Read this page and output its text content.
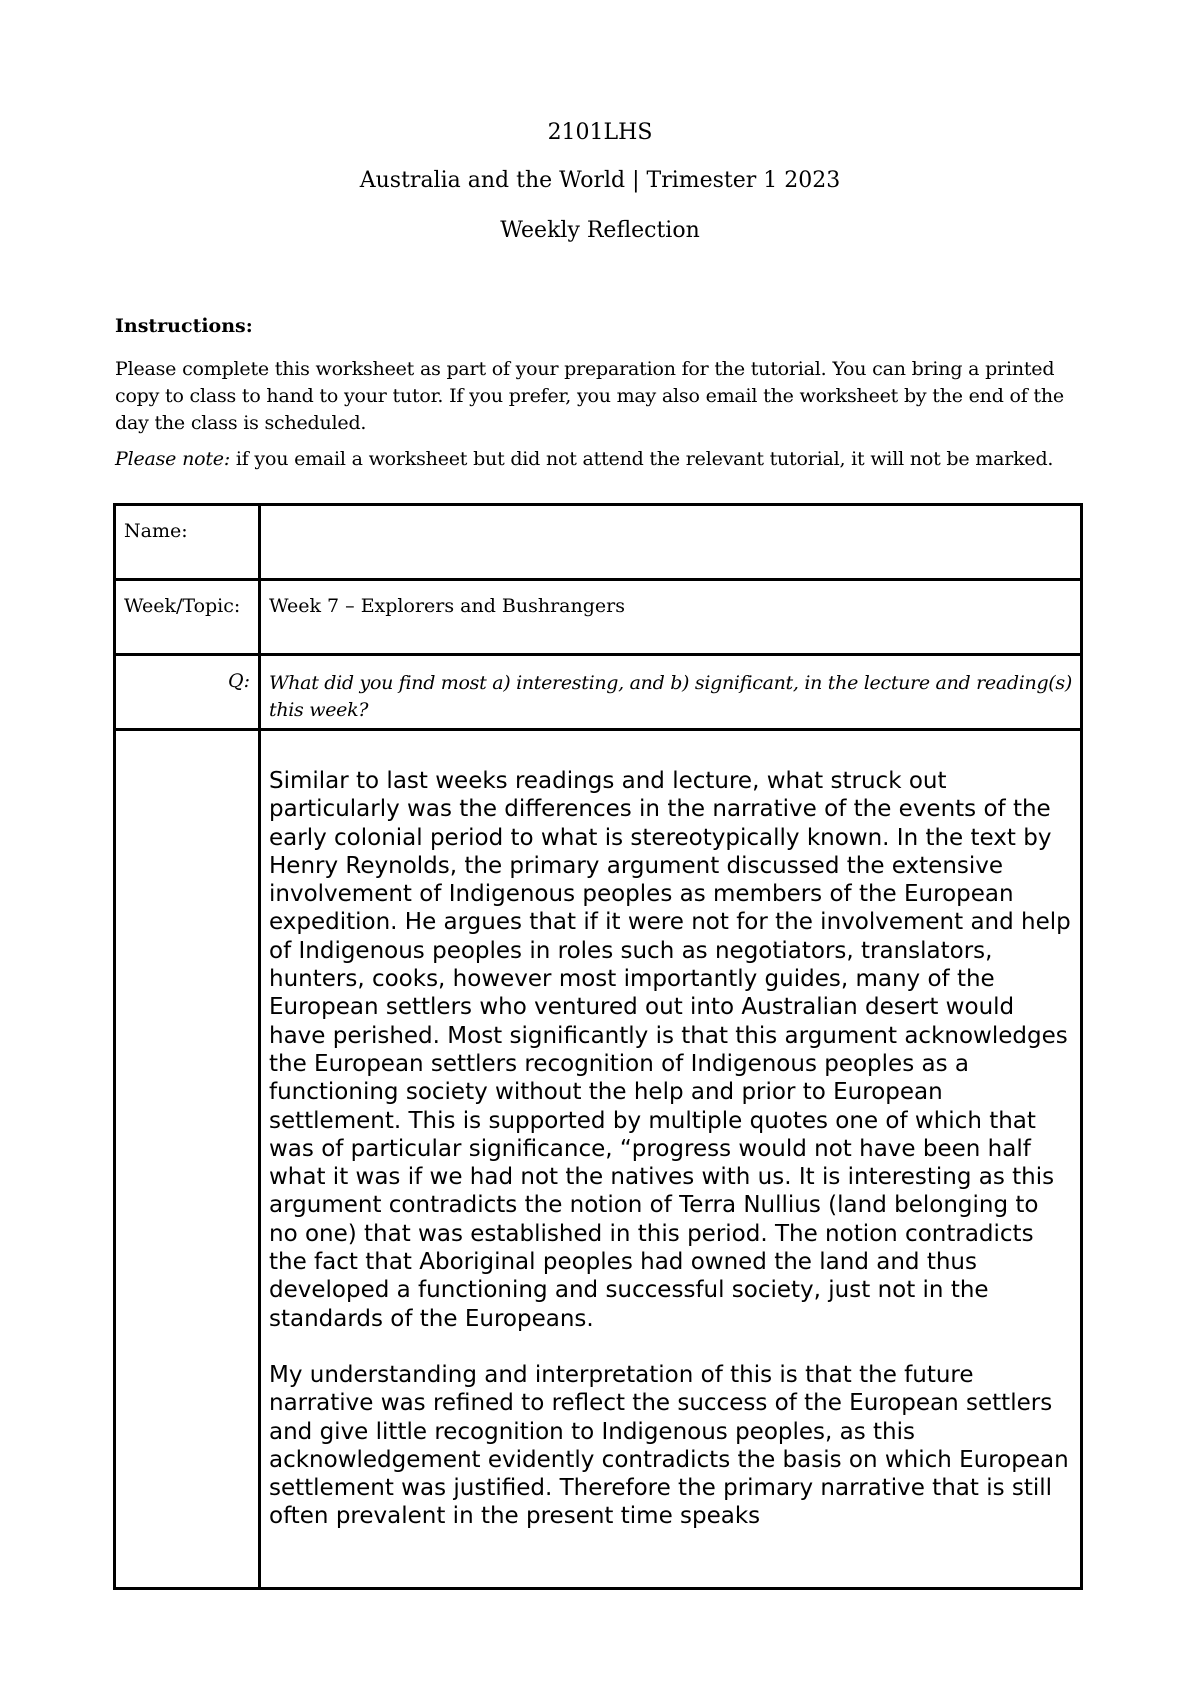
2101LHS
Australia and the World | Trimester 1 2023
Weekly Reflection

Instructions:

Please complete this worksheet as part of your preparation for the tutorial. You can bring a printed copy to class to hand to your tutor. If you prefer, you may also email the worksheet by the end of the day the class is scheduled.

Please note: if you email a worksheet but did not attend the relevant tutorial, it will not be marked.

Name:	
Week/Topic:	Week 7 – Explorers and Bushrangers
Q:	What did you find most a) interesting, and b) significant, in the lecture and reading(s) this week?

	Similar to last weeks readings and lecture, what struck out particularly was the differences in the narrative of the events of the early colonial period to what is stereotypically known. In the text by Henry Reynolds, the primary argument discussed the extensive involvement of Indigenous peoples as members of the European expedition. He argues that if it were not for the involvement and help of Indigenous peoples in roles such as negotiators, translators, hunters, cooks, however most importantly guides, many of the European settlers who ventured out into Australian desert would have perished. Most significantly is that this argument acknowledges the European settlers recognition of Indigenous peoples as a functioning society without the help and prior to European settlement. This is supported by multiple quotes one of which that was of particular significance, “progress would not have been half what it was if we had not the natives with us. It is interesting as this argument contradicts the notion of Terra Nullius (land belonging to no one) that was established in this period. The notion contradicts the fact that Aboriginal peoples had owned the land and thus developed a functioning and successful society, just not in the standards of the Europeans.

My understanding and interpretation of this is that the future narrative was refined to reflect the success of the European settlers and give little recognition to Indigenous peoples, as this acknowledgement evidently contradicts the basis on which European settlement was justified. Therefore the primary narrative that is still often prevalent in the present time speaks
